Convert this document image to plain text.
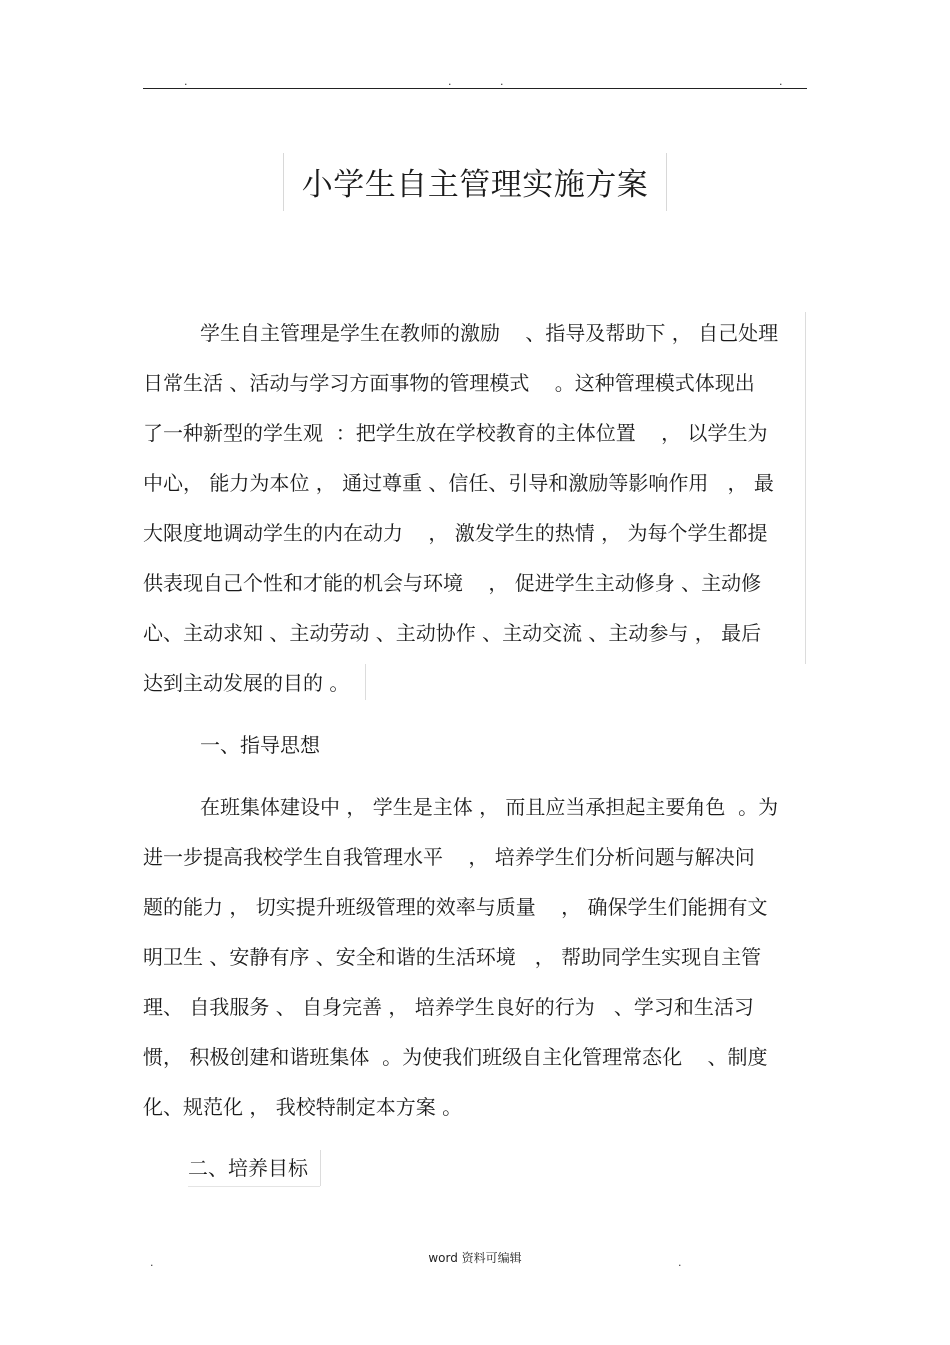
.	.	.	.
小学生自主管理实施方案
学生自主管理是学生在教师的激励    、指导及帮助下 ， 自己处理
日常生活 、活动与学习方面事物的管理模式    。这种管理模式体现出
了一种新型的学生观  ：把学生放在学校教育的主体位置    ， 以学生为
中心， 能力为本位 ， 通过尊重 、信任、引导和激励等影响作用   ， 最
大限度地调动学生的内在动力    ， 激发学生的热情 ， 为每个学生都提
供表现自己个性和才能的机会与环境    ， 促进学生主动修身 、主动修
心、主动求知 、主动劳动 、主动协作 、主动交流 、主动参与 ， 最后
达到主动发展的目的 。
一、指导思想
在班集体建设中 ， 学生是主体 ， 而且应当承担起主要角色  。为
进一步提高我校学生自我管理水平    ， 培养学生们分析问题与解决问
题的能力 ， 切实提升班级管理的效率与质量    ， 确保学生们能拥有文
明卫生 、安静有序 、安全和谐的生活环境   ， 帮助同学生实现自主管
理、 自我服务 、 自身完善 ， 培养学生良好的行为   、学习和生活习
惯， 积极创建和谐班集体  。为使我们班级自主化管理常态化    、制度
化、规范化 ， 我校特制定本方案 。
二、培养目标
.	word 资料可编辑	.
